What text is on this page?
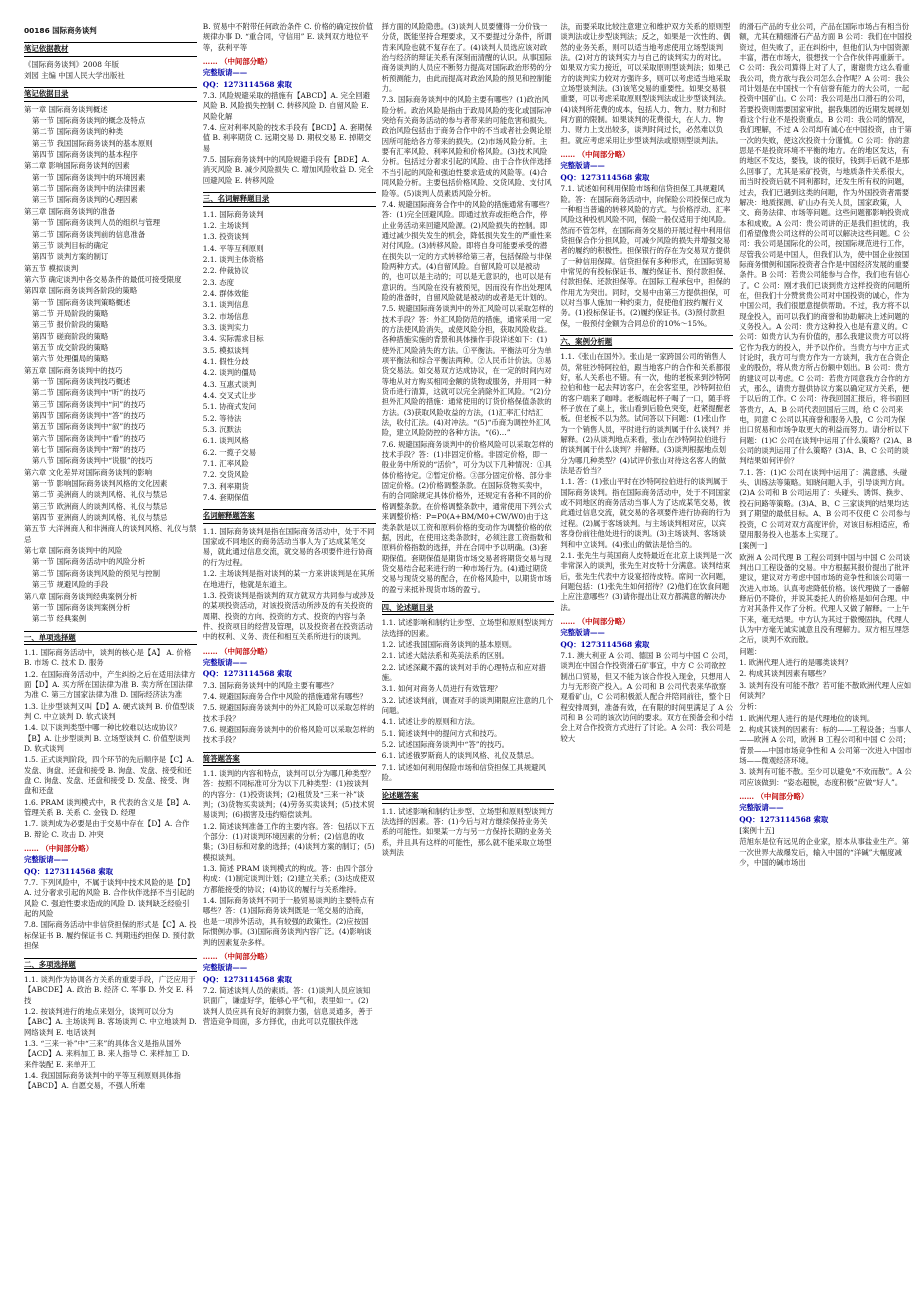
00186 国际商务谈判

笔记依据教材

《国际商务谈判》2008 年版

刘园 主编 中国人民大学出版社

笔记依据目录

第一章 国际商务谈判概述

第一节 国际商务谈判的概念及特点

第二节 国际商务谈判的种类

第三节 我国国际商务谈判的基本原则

第四节 国际商务谈判的基本程序

第二章 影响国际商务谈判的因素

第一节 国际商务谈判中的环境因素

第二节 国际商务谈判中的法律因素

第三节 国际商务谈判的心理因素

第三章 国际商务谈判的准备

第一节 国际商务谈判人员的组织与管理

第二节 国际商务谈判前的信息准备

第三节 谈判目标的确定

第四节 谈判方案的制订

第五节 模拟谈判

第六节 确定谈判中各交易条件的最低可接受限度

第四章 国际商务谈判各阶段的策略

第一节 国际商务谈判策略概述

第二节 开局阶段的策略

第三节 报价阶段的策略

第四节 磋商阶段的策略

第五节 成交阶段的策略

第六节 处理僵局的策略

第五章 国际商务谈判中的技巧

第一节 国际商务谈判技巧概述

第二节 国际商务谈判中“听”的技巧

第三节 国际商务谈判中“问”的技巧

第四节 国际商务谈判中“答”的技巧

第五节 国际商务谈判中“叙”的技巧

第六节 国际商务谈判中“看”的技巧

第七节 国际商务谈判中“辩”的技巧

第八节 国际商务谈判中“说服”的技巧

第六章 文化差异对国际商务谈判的影响

第一节 影响国际商务谈判风格的文化因素

第二节 美洲商人的谈判风格、礼仪与禁忌

第三节 欧洲商人的谈判风格、礼仪与禁忌

第四节 亚洲商人的谈判风格、礼仪与禁忌

第五节 大洋洲商人和非洲商人的谈判风格、礼仪与禁忌

第七章 国际商务谈判中的风险

第一节 国际商务活动中的风险分析

第二节 国际商务谈判风险的预见与控制

第三节 规避风险的手段

第八章 国际商务谈判经典案例分析

第一节 国际商务谈判案例分析

第二节 经典案例

一、单项选择题

1.1. 国际商务活动中，谈判的核心是【A】 A. 价格 B. 市场 C. 技术 D. 服务

1.2. 在国际商务活动中，产生纠纷之后在适用法律方面【D】A. 买方所在国法律为准 B. 卖方所在国法律为准 C. 第三方国家法律为准 D. 国际经济法为准

1.3. 让步型谈判又叫【D】A. 硬式谈判 B. 价值型谈判 C. 中立谈判 D. 软式谈判

1.4. 以下谈判类型中哪一种比较难以达成协议？【B】A. 让步型谈判 B. 立场型谈判 C. 价值型谈判 D. 软式谈判

1.5. 正式谈判阶段，四个环节的先后顺序是【C】A. 发盘、询盘、还盘和接受 B. 询盘、发盘、接受和还盘 C. 询盘、发盘、还盘和接受 D. 发盘、接受、询盘和还盘

1.6. PRAM 谈判模式中，R 代表的含义是【B】A. 管理关系 B. 关系 C. 金钱 D. 经理

1.7. 谈判成为必要是由于交易中存在【D】A. 合作 B. 辩论 C. 攻击 D. 冲突

…… （中间部分略）

完整版请——

QQ：1273114568 索取

7.7. 下列风险中，不属于谈判中技术风险的是【D】A. 过分奢求引起的风险 B. 合作伙伴选择不当引起的风险 C. 强迫性要求造成的风险 D. 谈判缺乏经验引起的风险

7.8. 国际商务活动中非信贷担保的形式是【C】A. 投标保证书 B. 履约保证书 C. 判期违约担保 D. 预付款担保

二、多项选择题

1.1. 谈判作为协调各方关系的重要手段，广泛应用于【ABCDE】A. 政治 B. 经济 C. 军事 D. 外交 E. 科技

1.2. 按谈判进行的地点来划分，谈判可以分为【ABC】A. 主场谈判 B. 客场谈判 C. 中立地谈判 D. 网络谈判 E. 电话谈判

1.3. “三来一补”中“三来”的具体含义是指从国外【ACD】A. 来料加工 B. 来人指导 C. 来样加工 D. 来件装配 E. 来单开工

1.4. 我国国际商务谈判中的平等互利原则具体指【ABCD】A. 自愿交易，不强人所难

B. 贸易中不附带任何政治条件 C. 价格的确定按价值规律办事 D. “重合同，守信用” E. 谈判双方地位平等，获利平等

…… （中间部分略）

完整版请——

QQ：1273114568 索取

7.3. 风险规避采取的措施有【ABCD】A. 完全回避风险 B. 风险损失控制 C. 转移风险 D. 自留风险 E. 风险化解

7.4. 应对利率风险的技术手段有【BCD】A. 套期保值 B. 利率期货 C. 远期交易 D. 期权交易 E. 掉期交易

7.5. 国际商务谈判中的风险规避手段有【BDE】A. 消灭风险 B. 减少风险损失 C. 增加风险收益 D. 完全回避风险 E. 转移风险

三、名词解释题目录

1.1. 国际商务谈判

1.2. 主场谈判

1.3. 投资谈判

1.4. 平等互利原则

2.1. 谈判主体资格

2.2. 仲裁协议

2.3. 态度

2.4. 群体效能

3.1. 谈判信息

3.2. 市场信息

3.3. 谈判实力

3.4. 实际需求目标

3.5. 模拟谈判

4.1. 假性分歧

4.2. 谈判的僵局

4.3. 互惠式谈判

4.4. 交叉式让步

5.1. 协商式发问

5.2. 等待法

5.3. 沉默法

6.1. 谈判风格

6.2. 一揽子交易

7.1. 汇率风险

7.2. 交货风险

7.3. 利率期货

7.4. 套期保值

名词解释题答案

1.1. 国际商务谈判是指在国际商务活动中，处于不同国家或不同地区的商务活动当事人为了达成某笔交易，就此通过信息交流，就交易的各项要件进行协商的行为过程。

1.2. 主场谈判是指对谈判的某一方来讲谈判是在其所在地进行，他就是东道主。

1.3. 投资谈判是指谈判的双方就双方共同参与或涉及的某项投资活动，对该投资活动所涉及的有关投资的周期、投资的方向、投资的方式、投资的内容与条件、投资项目的经营及管理，以及投资者在投资活动中的权利、义务、责任和相互关系所进行的谈判。

…… （中间部分略）

完整版请——

QQ：1273114568 索取

7.3. 国际商务谈判中的风险主要有哪些？

7.4. 规避国际商务合作中风险的措施通常有哪些？

7.5. 规避国际商务谈判中的外汇风险可以采取怎样的技术手段？

7.6. 规避国际商务谈判中的价格风险可以采取怎样的技术手段？

简答题答案

1.1. 谈判的内容和特点，谈判可以分为哪几种类型？答：按照不同标准可分为以下几种类型：(1)按谈判的内容分：(1)投资谈判；(2)租赁及“三来一补”谈判；(3)货物买卖谈判；(4)劳务买卖谈判；(5)技术贸易谈判；(6)损害及违约赔偿谈判。

1.2. 简述谈判准备工作的主要内容。答：包括以下五个部分：(1)对谈判环境因素的分析；(2)信息的收集；(3)目标和对象的选择；(4)谈判方案的制订；(5)模拟谈判。

1.3. 简述 PRAM 谈判模式的构成。答：由四个部分构成：(1)制定谈判计划；(2)建立关系；(3)达成使双方都能接受的协议；(4)协议的履行与关系维持。

1.4. 国际商务谈判不同于一般贸易谈判的主要特点有哪些？答：(1)国际商务谈判既是一笔交易的洽商，也是一项涉外活动，具有较强的政策性。(2)应按国际惯例办事。(3)国际商务谈判内容广泛。(4)影响谈判的因素复杂多样。

…… （中间部分略）

完整版请——

QQ：1273114568 索取

7.2. 简述谈判人员的素质。答：(1)谈判人员应该知识面广，谦虚好学，能够心平气和，表里如一。(2)谈判人员应具有良好的洞察力强，信息灵通多，善于营造竞争局面，多方择优，由此可以克服扶伴选

择方面的风险隐患。(3)谈判人员要懂得一分价钱一分货，既能坚持合理要求，又不要提过分条件，所谓肯来风险也就不复存在了。(4)谈判人员选应该对政治与经济的辩证关系有深刻而清醒的认识。从事国际商务谈判的人员应不断努力提高对国际政治形势的分析预测能力，由此而提高对政治风险的预见和控制能力。

7.3. 国际商务谈判中的风险主要有哪些？(1)政治风险分析。政治风险是指由于政局风险的变化或国际冲突给有关商务活动的参与者带来的可能危害和损失。政治风险包括由于商务合作中的不当或者社会舆论原因所可能给各方带来的损失。(2)市场风险分析。主要有汇率风险、利率风险和价格风险。(3)技术风险分析。包括过分奢求引起的风险、由于合作伙伴选择不当引起的风险和强迫性要求造成的风险等。(4)合同风险分析。主要包括价格风险、交货风险、支付风险等。(5)谈判人员素质风险分析。

7.4. 规避国际商务合作中的风险的措施通常有哪些？答：(1)完全回避风险。即通过放弃或拒绝合作，停止业务活动来回避风险源。(2)风险损失的控制。即通过减少损失发生的机会，降低损失发生的严重性来对付风险。(3)转移风险。即将自身可能要承受的潜在损失以一定的方式转移给第三者，包括保险与非保险两种方式。(4)自留风险。自留风险可以是被动的，也可以是主动的；可以是无意识的，也可以是有意识的。当风险在没有被预见，因而没有作出处理风险的准备时，自留风险就是被动的或者是无计划的。

7.5. 规避国际商务谈判中的外汇风险可以采取怎样的技术手段？答：外汇风险防范的措施，通常采用一定的方法使风险消失，或使风险分担，获取风险收益。各种措施实施的背景和具体操作手段详述如下：(1)使外汇风险消失的方法。①平衡法。平衡法可分为单项平衡法和综合平衡法两种。②人民币计价法。③易货交易法。如交易双方达成协议，在一定的时间内对等地从对方购买相同金额的货物或服务，并用同一种货币进行清算，这就可以完全消除外汇风险。“(2)分担外汇风险的措施：通常使用的订货价格保值条款的方法。(3)获取风险收益的方法，(1)汇率汇付结汇法，收付汇法。(4)对冲法。“(5)“币商为调控外汇风险，建立风险防控的各种方法。“(6)…”

7.6. 规避国际商务谈判中的价格风险可以采取怎样的技术手段？答：(1)非固定价格。非固定价格，即一般业务中所说的“活价”，可分为以下几种情况：①具体价格待定。②暂定价格。③部分固定价格、部分非固定价格。(2)价格调整条款。在国际货物买卖中，有的合同除规定具体价格外，还规定有各种不同的价格调整条款。在价格调整条款中，通常使用下列公式来调整价格：P=P0(A+BM/M0+CW/W0)由于这类条款是以工资和原料价格的变动作为调整价格的依据，因此，在使用这类条款时，必须注意工资指数和原料价格指数的选择，并在合同中予以明确。(3)套期保值。套期保值是期货市场交易者将期货交易与现货交易结合起来进行的一种市场行为。(4)通过期货交易与现货交易的配合，在价格风险中，以期货市场的盈亏来抵补现货市场的盈亏。

四、论述题目录

1.1. 试述影响和制约让步型、立场型和原则型谈判方法选择的因素。

1.2. 试述我国国际商务谈判的基本原则。

2.1. 试述大陆法系和英美法系的区别。

2.2. 试述深藏不露的谈判对手的心理特点和应对措施。

3.1. 如何对商务人员进行有效管理？

3.2. 试述谈判前，调查对手的谈判期限应注意的几个问题。

4.1. 试述让步的原则和方法。

5.1. 简述谈判中的提问方式和技巧。

5.2. 试述国际商务谈判中“答”的技巧。

6.1. 试述俄罗斯商人的谈判风格、礼仪及禁忌。

7.1. 试述如何利用保险市场和信贷担保工具规避风险。

论述题答案

1.1. 试述影响和制约让步型、立场型和原则型谈判方法选择的因素。答：(1)今后与对方继续保持业务关系的可能性。如果某一方与另一方保持长期的业务关系，并且具有这样的可能性，那么就不能采取立场型谈判法

法，而要采取比较注意建立和维护双方关系的原则型谈判法或让步型谈判法；反之，如果是一次性的、偶然的业务关系，则可以适当地考虑使用立场型谈判法。(2)对方的谈判实力与自己的谈判实力的对比。如果双方实力接近，可以采取原则型谈判法；如果己方的谈判实力较对方强许多，则可以考虑适当地采取立场型谈判法。(3)该笔交易的重要性。如果交易很重要，可以考虑采取原则型谈判法或让步型谈判法。(4)谈判所花费的成本，包括人力、物力、财力和时间方面的限制。如果谈判的花费很大，在人力、物力、财力上支出较多，谈判时间过长，必然难以负担。就应考虑采用让步型谈判法或原则型谈判法。

…… （中间部分略）

完整版请——

QQ：1273114568 索取

7.1. 试述如何利用保险市场和信贷担保工具规避风险。答：在国际商务活动中，向保险公司投保已成为一种相当普遍的转移风险的方式。与价格浮动、汇率风险这种投机风险不同，保险一般仅适用于纯风险。然而不管怎样，在国际商务交易的开展过程中利用信贷担保合作分担风险，可减少风险的损失并增强交易者的履约的积极性。担保银行的存在为交易双方提供了一种信用保障。信贷担保有多种形式，在国际贸易中常见的有投标保证书、履约保证书、预付款担保、付款担保、还款担保等。在国际工程承包中，担保的作用尤为突出。同时，交易中由第三方提供担保，可以对当事人施加一种约束力，促使他们按约履行义务。(1)投标保证书。(2)履约保证书。(3)预付款担保，一般预付金额为合同总价的10%～15%。

六、案例分析题

1.1.《张山在国外》。张山是一家跨国公司的销售人员，常驻沙特阿拉伯，跟当地客户的合作和关系都很好，私人关系也不错。有一次，他的老板来到沙特阿拉伯和他一起去拜访客户，在会客室里，沙特阿拉伯的客户端来了咖啡。老板端起杯子喝了一口，随手将杯子放在了桌上，张山看到后脸色突变，赶紧提醒老板。但老板不以为然。试问答以下问题：(1)张山作为一个销售人员，平时进行的谈判属于什么谈判？并解释。(2)从谈判地点来看，张山在沙特阿拉伯进行的谈判属于什么谈判？并解释。(3)谈判根据地点划分为哪几种类型？(4)试评价张山对待这名客人的做法是否恰当？

1.1. 答：(1)张山平时在沙特阿拉伯进行的谈判属于国际商务谈判。指在国际商务活动中，处于不同国家或不同地区的商务活动当事人为了达成某笔交易，彼此通过信息交流，就交易的各项要件进行协商的行为过程。(2)属于客场谈判。与主场谈判相对应，以宾客身份前往他处进行的谈判。(3)主场谈判、客场谈判和中立谈判。(4)张山的做法是恰当的。

2.1. 张先生与英国商人皮特最近在北京上谈判是一次非常深入的谈判，张先生对皮特十分满意。谈判结束后，张先生代表中方设宴招待皮特。席间一次问题，问题包括：(1)张先生如何招待？(2)他们在饮食问题上应注意哪些？(3)请你提出让双方都满意的解决办法。

…… （中间部分略）

完整版请——

QQ：1273114568 索取

7.1. 澳大利亚 A 公司、德国 B 公司与中国 C 公司，谈判在中国合作投资滑石矿事宜，中方 C 公司欲控制出口贸易，但又不能为该合作投入现金，只想用人力与无形资产投入。A 公司和 B 公司代表来华欲察观看矿山，C 公司积极派人配合并陪同前往，整个日程安排周到，准备有效，在有限的时间里满足了 A 公司和 B 公司的该次访问的要求。双方在预备会和小结会上对合作投资方式进行了讨论。A 公司：我公司是较大

的滑石产品的专业公司，产品在国际市场占有相当份额，尤其在精细滑石产品方面 B 公司：我们在中国投资过，但失败了，正在纠纷中，但他们认为中国资源丰富，潜在市场大，很想找一个合作伙伴再重新干。C 公司：我公司算得上对了人了，谢谢贵方这么看重我公司，贵方欲与我公司怎么合作呢？A 公司：我公司计划是在中国找一个有信誉有能力的大公司，一起投资中国矿山。C 公司：我公司是出口滑石的公司，若要投资则需要国家审批，据我集团的近期发展规划看这个行业不是投资重点。B 公司：我公司的情况，我们理解，不过 A 公司却有诚心在中国投资，由于第一次的失败，使这次投资十分谨慎。C 公司：你的意思是不是投资环境不平衡的地方。在的地区发达，有的地区不发达，要钱，谈的很好，钱到手后就不是那么回事了，尤其是采矿投资，与地质条件关系很大，而当时投资后就不同利都时，还发生所有权的问题，过去，我们已遇到这类的问题，作为外国投资者需要解决：地质探测、矿山办有关人员，国家政策，人文、商务法律、市场等问题。这些问题都影响投资成本和成败。A 公司：贵公司讲的正是我们担忧的，我们希望像贵公司这样的公司可以解决这些问题。C 公司：我公司是国际化的公司，按国际规范进行工作，尽管我公司是中国人，但我们认为，使中国企业按国际商务惯例和国际投资者合作是中国经济发展的重要条件。B 公司：若贵公司能参与合作，我们也有信心了。C 公司：刚才我们已谈到贵方这样投资的问题所在，但我们十分赞赏贵公司对中国投资的诚心，作为中国公司，我们很愿意提供帮助。不过，我方将不以现金投入，而可以我们的商誉和协助解决上述问题的义务投入。A 公司：贵方这种投入也是有意义的。C 公司：如贵方认为有价值的，那么我建议贵方可以将它作为我方的投入，并予以作价。当贵方与中方正式讨论时，我方可与贵方作为一方谈判，我方在合资企业的股份，将从贵方所占份额中划出。B 公司：贵方的建议可以考虑。C 公司：若贵方同意我方合作的方式，那么，请贵方提供协议方案以确定双方关系，便于以后的工作。C 公司：待我回国汇报后，将书面回答贵方，A、B 公司代表回国后三周，给 C 公司来电，同意 C 公司以其商誉和服务入股，C 公司为保出口贸易和市场争取更大的利益而努力。请分析以下问题：(1)C 公司在谈判中运用了什么策略？(2)A、B 公司的谈判运用了什么策略？(3)A、B、C 公司的谈判结果如何评价？

7.1. 答：(1)C 公司在谈判中运用了：满意感、头碰头、训练法等策略。知晓问题入手，引导谈判方向。(2)A 公司和 B 公司运用了：头碰头、诱饵、换步、投石问路等策略。(3)A、B、C 三家谈判的结果均达到了期望的最低目标。A、B 公司不仅使 C 公司参与投资，C 公司对双方高度评价，对该目标相适应，希望用服务投入也基本上实现了。

[案例一]

欧洲 A 公司代理 B 工程公司到中国与中国 C 公司谈判出口工程设备的交易。中方根据其报价提出了批评建议，建议对方考虑中国市场的竞争性和该公司第一次进入市场。认真考虑降低价格。该代理做了一番解释后仍不降价，并说其委托人的价格是如何合理。中方对其条件又作了分析。代理人又做了解释。一上午下来，毫无结果。中方认为其过于傲慢固执，代理人认为中方毫无诚实诚意且没有理解力。双方相互埋怨之后，谈判不欢而散。

问题：

1. 欧洲代理人进行的是哪类谈判？

2. 构成其谈判因素有哪些？

3. 谈判有没有可能不散？若可能不散欧洲代理人应如何谈判？

分析：

1. 欧洲代理人进行的是代理地位的谈判。

2. 构成其谈判的因素有：标的——工程设备；当事人——欧洲 A 公司，欧洲 B 工程公司和中国 C 公司；背景——中国市场竞争性和 A 公司第一次进入中国市场——微观经济环境。

3. 谈判有可能不散。至少可以避免“不欢而散”。A 公司应该做到：“姿态超脱，态度积极”应做“好人”。

…… （中间部分略）

完整版请——

QQ：1273114568 索取

[案例十五]

范旭东是位有远见的企业家，原本从事盐业生产。第一次世界大战爆发后，输入中国的“洋碱”大幅度减少，中国的碱市场出
